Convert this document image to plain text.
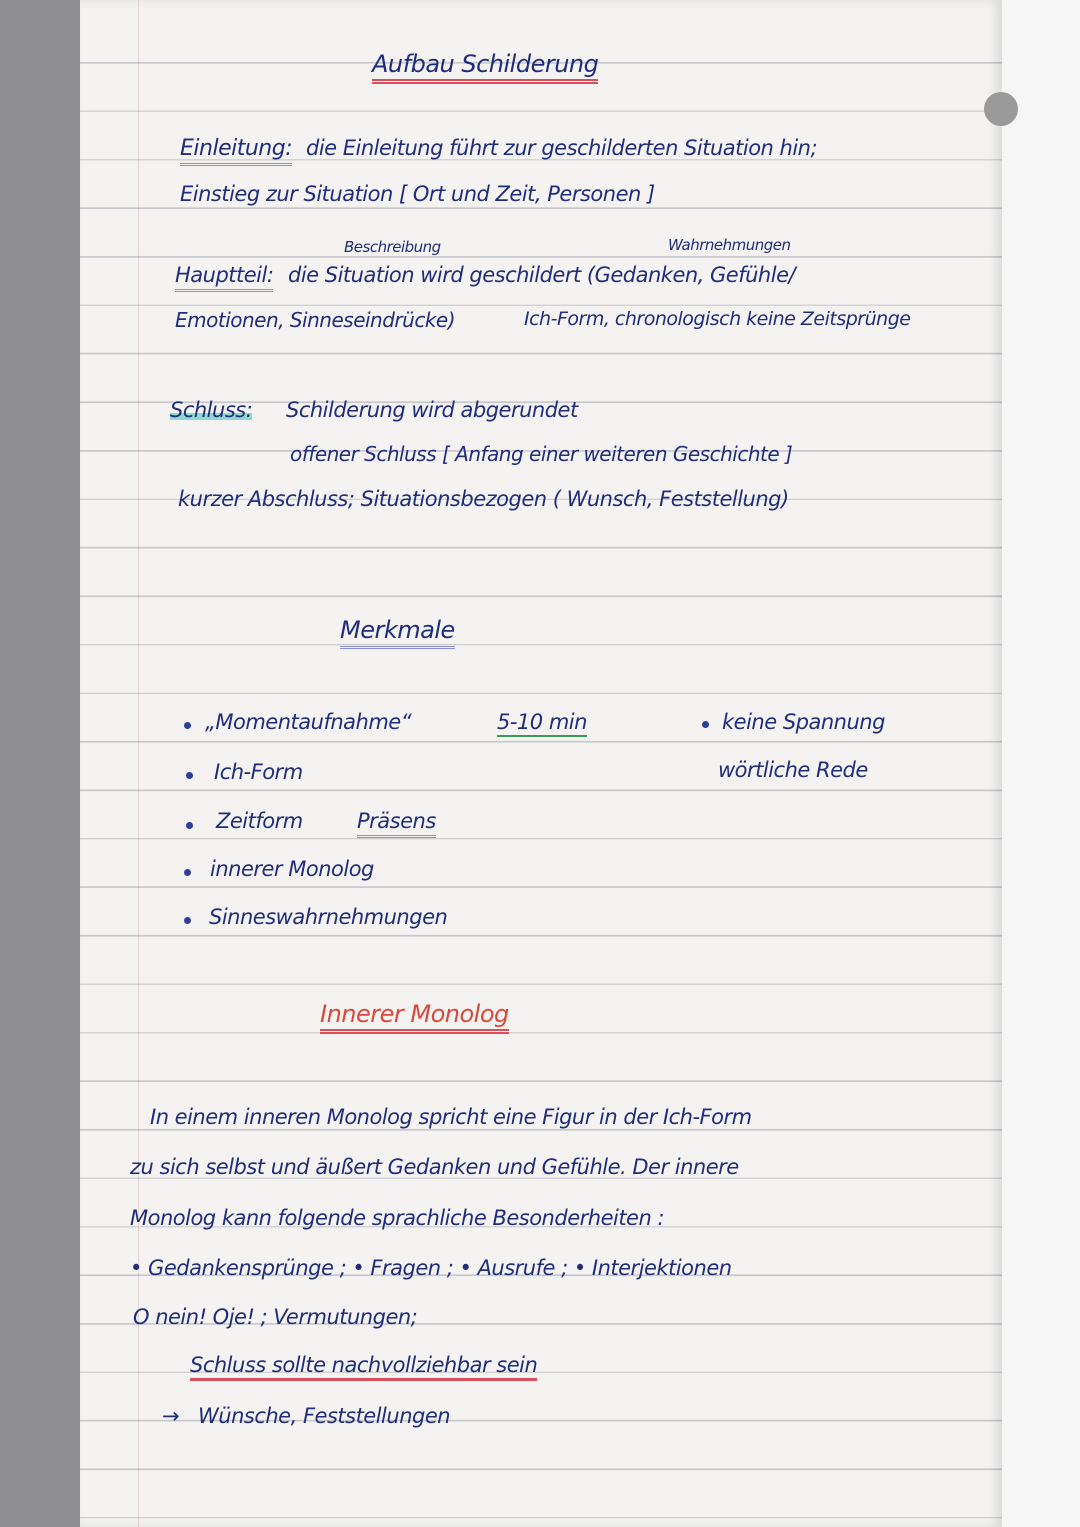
Aufbau Schilderung
Einleitung: die Einleitung führt zur geschilderten Situation hin;
Einstieg zur Situation [ Ort und Zeit, Personen ]
Beschreibung	Wahrnehmungen
Hauptteil: die Situation wird geschildert (Gedanken, Gefühle/
Emotionen, Sinneseindrücke)	Ich-Form, chronologisch keine Zeitsprünge
Schluss: Schilderung wird abgerundet
offener Schluss [ Anfang einer weiteren Geschichte ]
kurzer Abschluss; Situationsbezogen ( Wunsch, Feststellung)
Merkmale
„Momentaufnahme“	5-10 min	keine Spannung
wörtliche Rede
Ich-Form
Zeitform	Präsens
innerer Monolog
Sinneswahrnehmungen
Innerer Monolog
In einem inneren Monolog spricht eine Figur in der Ich-Form
zu sich selbst und äußert Gedanken und Gefühle. Der innere
Monolog kann folgende sprachliche Besonderheiten :
• Gedankensprünge ; • Fragen ; • Ausrufe ; • Interjektionen
O nein! Oje! ; Vermutungen;
Schluss sollte nachvollziehbar sein
→ Wünsche, Feststellungen
